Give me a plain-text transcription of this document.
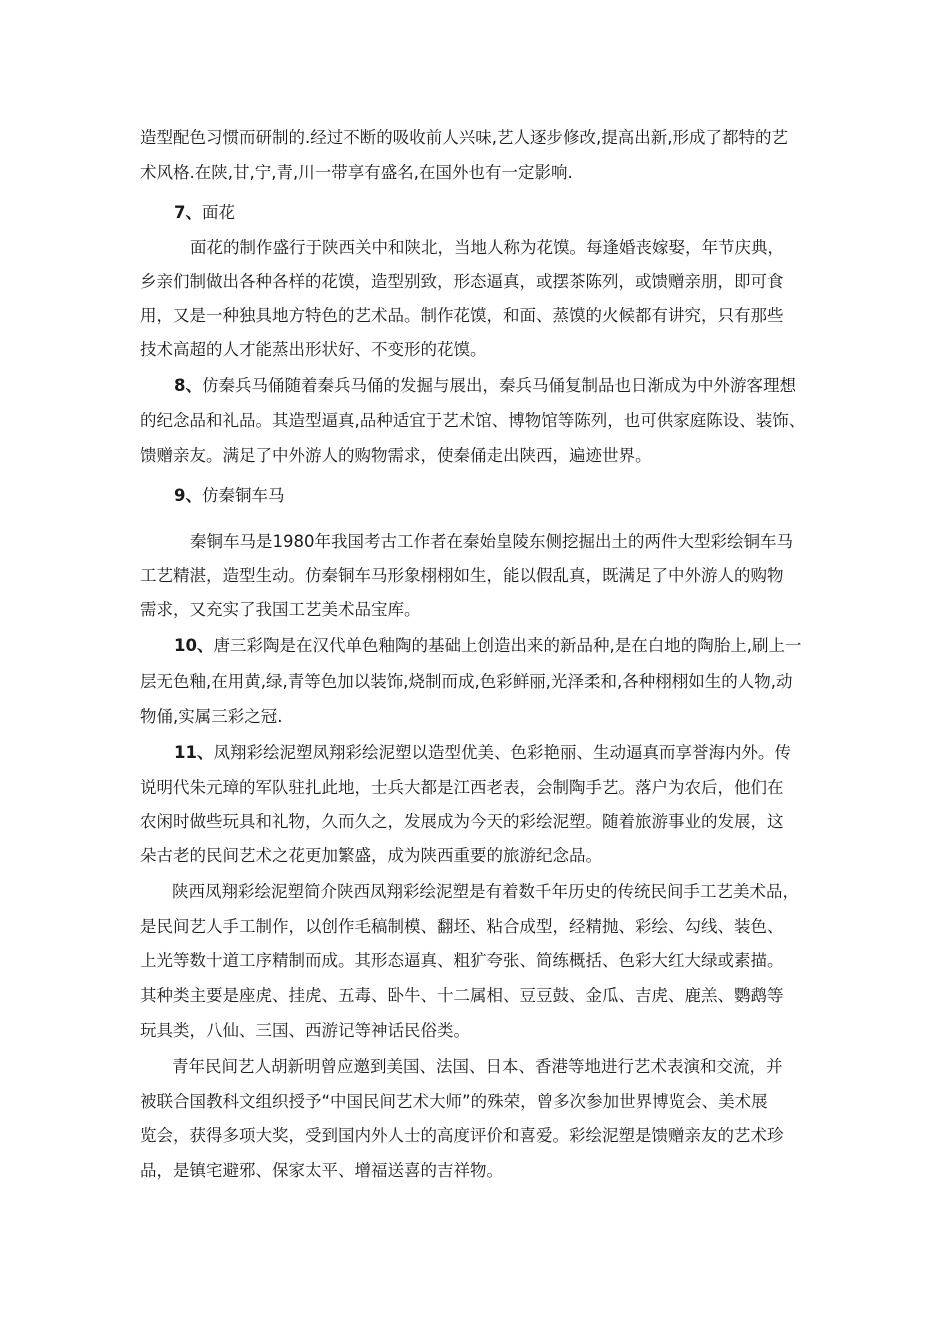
造型配色习惯而研制的.经过不断的吸收前人兴味,艺人逐步修改,提高出新,形成了都特的艺
术风格.在陕,甘,宁,青,川一带享有盛名,在国外也有一定影响.
7、面花
面花的制作盛行于陕西关中和陕北，当地人称为花馍。每逢婚丧嫁娶，年节庆典，
乡亲们制做出各种各样的花馍，造型别致，形态逼真，或摆茶陈列，或馈赠亲朋，即可食
用，又是一种独具地方特色的艺术品。制作花馍，和面、蒸馍的火候都有讲究，只有那些
技术高超的人才能蒸出形状好、不变形的花馍。
8、仿秦兵马俑随着秦兵马俑的发掘与展出，秦兵马俑复制品也日渐成为中外游客理想
的纪念品和礼品。其造型逼真,品种适宜于艺术馆、博物馆等陈列，也可供家庭陈设、装饰、
馈赠亲友。满足了中外游人的购物需求，使秦俑走出陕西，遍迹世界。
9、仿秦铜车马
秦铜车马是1980年我国考古工作者在秦始皇陵东侧挖掘出土的两件大型彩绘铜车马
工艺精湛，造型生动。仿秦铜车马形象栩栩如生，能以假乱真，既满足了中外游人的购物
需求，又充实了我国工艺美术品宝库。
10、唐三彩陶是在汉代单色釉陶的基础上创造出来的新品种,是在白地的陶胎上,刷上一
层无色釉,在用黄,绿,青等色加以装饰,烧制而成,色彩鲜丽,光泽柔和,各种栩栩如生的人物,动
物俑,实属三彩之冠.
11、凤翔彩绘泥塑凤翔彩绘泥塑以造型优美、色彩艳丽、生动逼真而享誉海内外。传
说明代朱元璋的军队驻扎此地，士兵大都是江西老表，会制陶手艺。落户为农后，他们在
农闲时做些玩具和礼物，久而久之，发展成为今天的彩绘泥塑。随着旅游事业的发展，这
朵古老的民间艺术之花更加繁盛，成为陕西重要的旅游纪念品。
陕西凤翔彩绘泥塑简介陕西凤翔彩绘泥塑是有着数千年历史的传统民间手工艺美术品，
是民间艺人手工制作，以创作毛稿制模、翻坯、粘合成型，经精抛、彩绘、勾线、装色、
上光等数十道工序精制而成。其形态逼真、粗犷夸张、简练概括、色彩大红大绿或素描。
其种类主要是座虎、挂虎、五毒、卧牛、十二属相、豆豆鼓、金瓜、吉虎、鹿羔、鹦鹉等
玩具类，八仙、三国、西游记等神话民俗类。
青年民间艺人胡新明曾应邀到美国、法国、日本、香港等地进行艺术表演和交流，并
被联合国教科文组织授予“中国民间艺术大师”的殊荣，曾多次参加世界博览会、美术展
览会，获得多项大奖，受到国内外人士的高度评价和喜爱。彩绘泥塑是馈赠亲友的艺术珍
品，是镇宅避邪、保家太平、增福送喜的吉祥物。
